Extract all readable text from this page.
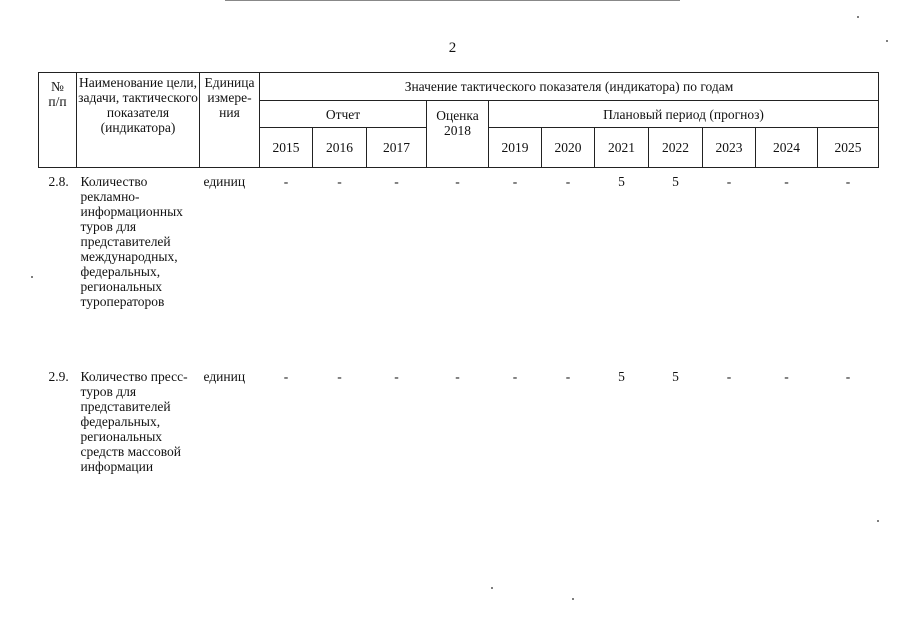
2
№
п/п	Наименование цели, задачи, тактического показателя (индикатора)	Единица измере-ния	Значение тактического показателя (индикатора) по годам										
			Отчет			Оценка 2018	Плановый период (прогноз)						
			2015	2016	2017		2019	2020	2021	2022	2023	2024	2025
2.8.	Количество рекламно-информационных туров для представителей международных, федеральных, региональных туроператоров	единиц	-	-	-	-	-	-	5	5	-	-	-
2.9.	Количество пресс-туров для представителей федеральных, региональных средств массовой информации	единиц	-	-	-	-	-	-	5	5	-	-	-
